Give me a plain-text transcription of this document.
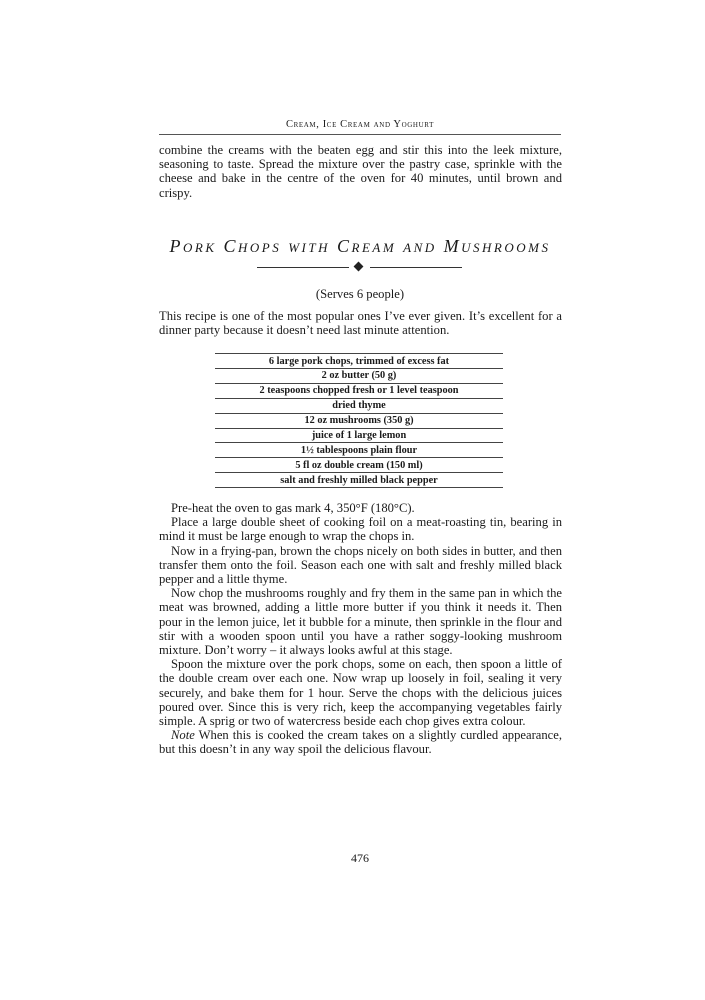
Cream, Ice Cream and Yoghurt

combine the creams with the beaten egg and stir this into the leek mixture, seasoning to taste. Spread the mixture over the pastry case, sprinkle with the cheese and bake in the centre of the oven for 40 minutes, until brown and crispy.

Pork Chops with Cream and Mushrooms
(Serves 6 people)

This recipe is one of the most popular ones I’ve ever given. It’s excellent for a dinner party because it doesn’t need last minute attention.

6 large pork chops, trimmed of excess fat
2 oz butter (50 g)
2 teaspoons chopped fresh or 1 level teaspoon
dried thyme
12 oz mushrooms (350 g)
juice of 1 large lemon
1½ tablespoons plain flour
5 fl oz double cream (150 ml)
salt and freshly milled black pepper

Pre-heat the oven to gas mark 4, 350°F (180°C).

Place a large double sheet of cooking foil on a meat-roasting tin, bearing in mind it must be large enough to wrap the chops in.

Now in a frying-pan, brown the chops nicely on both sides in butter, and then transfer them onto the foil. Season each one with salt and freshly milled black pepper and a little thyme.

Now chop the mushrooms roughly and fry them in the same pan in which the meat was browned, adding a little more butter if you think it needs it. Then pour in the lemon juice, let it bubble for a minute, then sprinkle in the flour and stir with a wooden spoon until you have a rather soggy-looking mushroom mixture. Don’t worry – it always looks awful at this stage.

Spoon the mixture over the pork chops, some on each, then spoon a little of the double cream over each one. Now wrap up loosely in foil, sealing it very securely, and bake them for 1 hour. Serve the chops with the delicious juices poured over. Since this is very rich, keep the accompanying vegetables fairly simple. A sprig or two of watercress beside each chop gives extra colour.

Note When this is cooked the cream takes on a slightly curdled appearance, but this doesn’t in any way spoil the delicious flavour.

476
